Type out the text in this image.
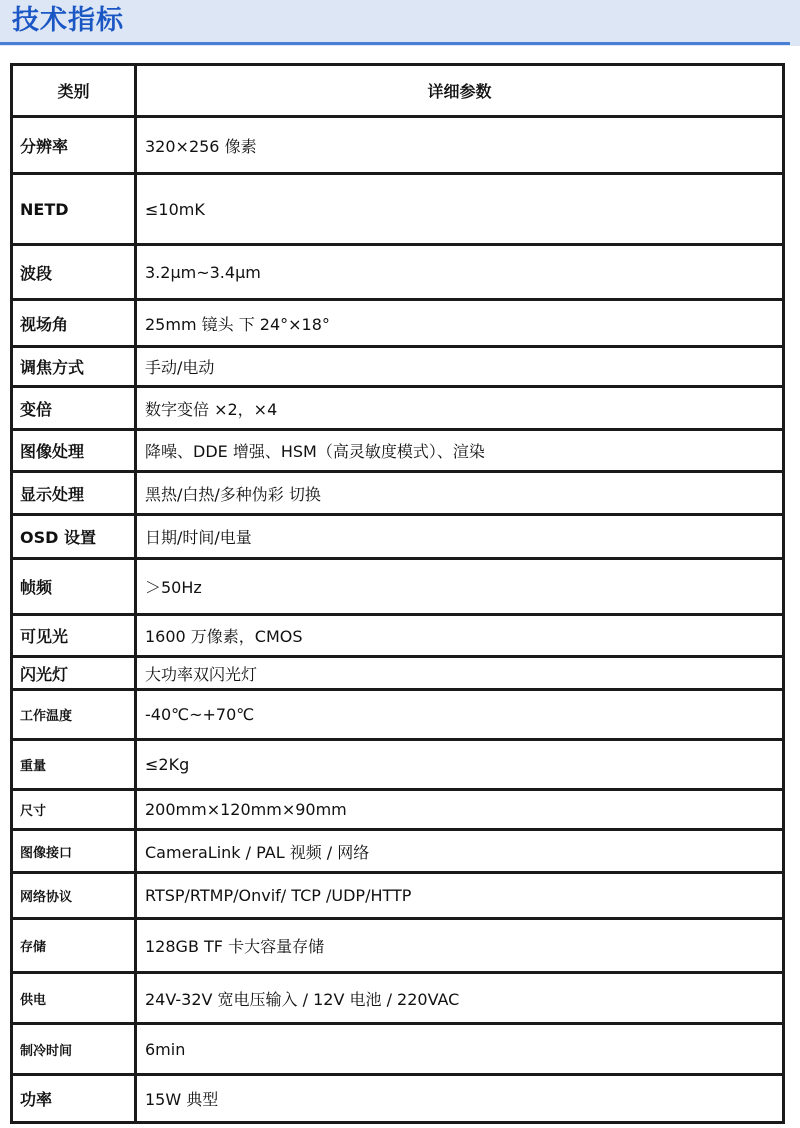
技术指标
类别	详细参数
分辨率	320×256 像素
NETD	≤10mK
波段	3.2μm~3.4μm
视场角	25mm 镜头 下 24°×18°
调焦方式	手动/电动
变倍	数字变倍 ×2，×4
图像处理	降噪、DDE 增强、HSM（高灵敏度模式）、渲染
显示处理	黑热/白热/多种伪彩 切换
OSD 设置	日期/时间/电量
帧频	＞50Hz
可见光	1600 万像素，CMOS
闪光灯	大功率双闪光灯
工作温度	-40℃~+70℃
重量	≤2Kg
尺寸	200mm×120mm×90mm
图像接口	CameraLink / PAL 视频 / 网络
网络协议	RTSP/RTMP/Onvif/ TCP /UDP/HTTP
存储	128GB TF 卡大容量存储
供电	24V-32V 宽电压输入 / 12V 电池 / 220VAC
制冷时间	6min
功率	15W 典型
